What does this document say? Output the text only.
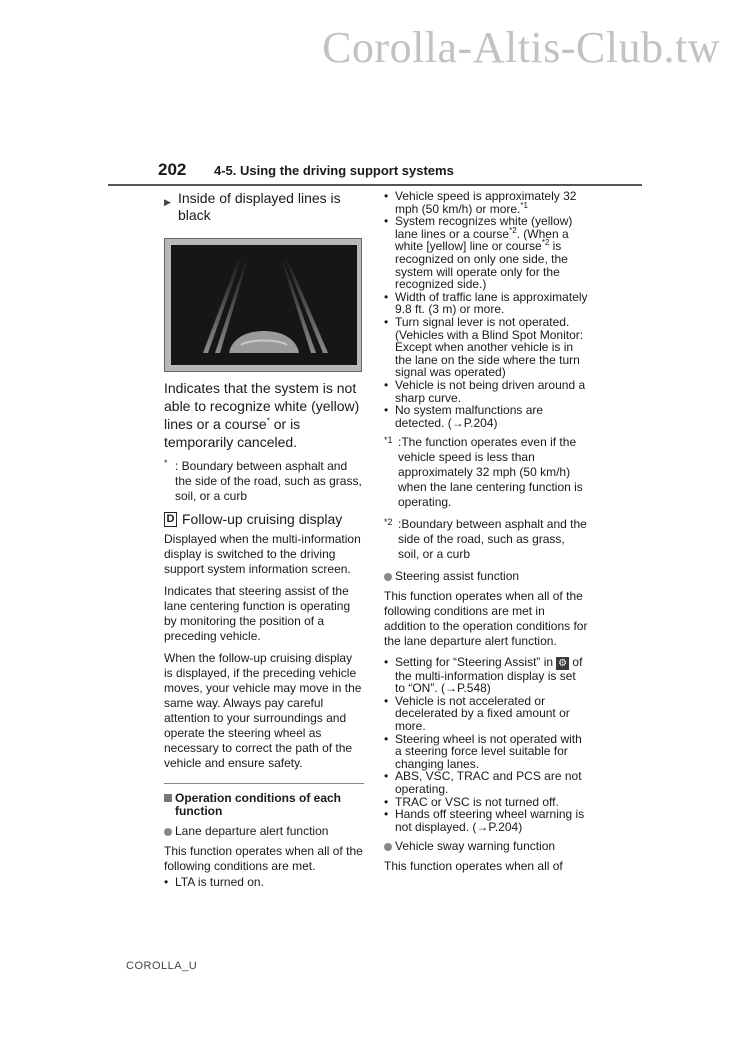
Corolla-Altis-Club.tw
202 4-5. Using the driving support systems
▶ Inside of displayed lines is black
Indicates that the system is not able to recognize white (yellow) lines or a course* or is temporarily canceled.
* : Boundary between asphalt and the side of the road, such as grass, soil, or a curb
D Follow-up cruising display

Displayed when the multi-information display is switched to the driving support system information screen.

Indicates that steering assist of the lane centering function is operating by monitoring the position of a preceding vehicle.

When the follow-up cruising display is displayed, if the preceding vehicle moves, your vehicle may move in the same way. Always pay careful attention to your surroundings and operate the steering wheel as necessary to correct the path of the vehicle and ensure safety.

Operation conditions of each function
Lane departure alert function

This function operates when all of the following conditions are met.

• LTA is turned on.
• Vehicle speed is approximately 32 mph (50 km/h) or more.$^{*1}$
• System recognizes white (yellow) lane lines or a course$^{*2}$. (When a white [yellow] line or course$^{*2}$ is recognized on only one side, the system will operate only for the recognized side.)
• Width of traffic lane is approximately 9.8 ft. (3 m) or more.
• Turn signal lever is not operated. (Vehicles with a Blind Spot Monitor: Except when another vehicle is in the lane on the side where the turn signal was operated)
• Vehicle is not being driven around a sharp curve.
• No system malfunctions are detected. (→P.204)
*1 :The function operates even if the vehicle speed is less than approximately 32 mph (50 km/h) when the lane centering function is operating.
*2 :Boundary between asphalt and the side of the road, such as grass, soil, or a curb
Steering assist function

This function operates when all of the following conditions are met in addition to the operation conditions for the lane departure alert function.

• Setting for “Steering Assist” in ⚙ of the multi-information display is set to “ON”. (→P.548)
• Vehicle is not accelerated or decelerated by a fixed amount or more.
• Steering wheel is not operated with a steering force level suitable for changing lanes.
• ABS, VSC, TRAC and PCS are not operating.
• TRAC or VSC is not turned off.
• Hands off steering wheel warning is not displayed. (→P.204)
Vehicle sway warning function

This function operates when all of

COROLLA_U
